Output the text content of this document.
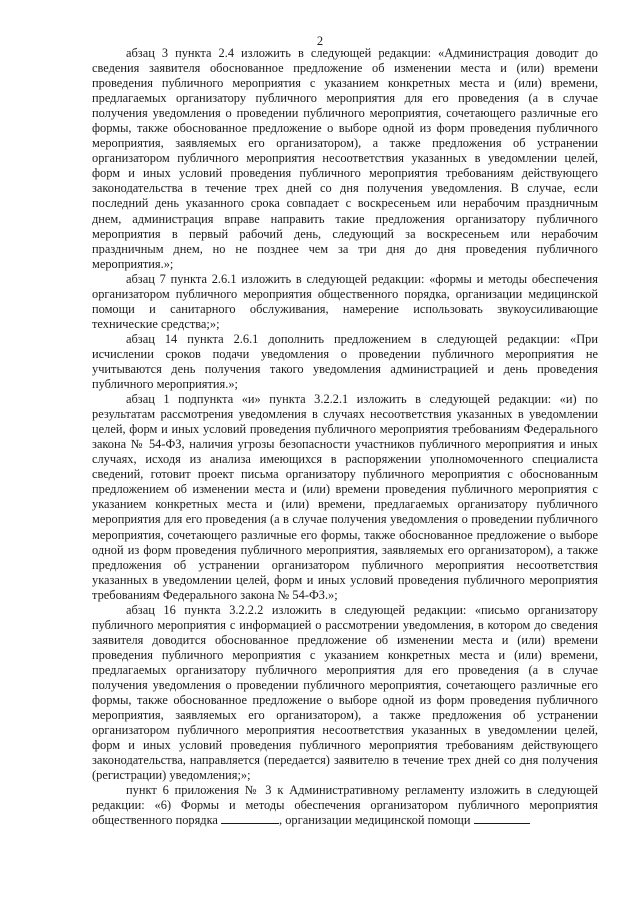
2

абзац 3 пункта 2.4 изложить в следующей редакции: «Администрация доводит до сведения заявителя обоснованное предложение об изменении места и (или) времени проведения публичного мероприятия с указанием конкретных места и (или) времени, предлагаемых организатору публичного мероприятия для его проведения (а в случае получения уведомления о проведении публичного мероприятия, сочетающего различные его формы, также обоснованное предложение о выборе одной из форм проведения публичного мероприятия, заявляемых его организатором), а также предложения об устранении организатором публичного мероприятия несоответствия указанных в уведомлении целей, форм и иных условий проведения публичного мероприятия требованиям действующего законодательства в течение трех дней со дня получения уведомления. В случае, если последний день указанного срока совпадает с воскресеньем или нерабочим праздничным днем, администрация вправе направить такие предложения организатору публичного мероприятия в первый рабочий день, следующий за воскресеньем или нерабочим праздничным днем, но не позднее чем за три дня до дня проведения публичного мероприятия.»;

абзац 7 пункта 2.6.1 изложить в следующей редакции: «формы и методы обеспечения организатором публичного мероприятия общественного порядка, организации медицинской помощи и санитарного обслуживания, намерение использовать звукоусиливающие технические средства;»;

абзац 14 пункта 2.6.1 дополнить предложением в следующей редакции: «При исчислении сроков подачи уведомления о проведении публичного мероприятия не учитываются день получения такого уведомления администрацией и день проведения публичного мероприятия.»;

абзац 1 подпункта «и» пункта 3.2.2.1 изложить в следующей редакции: «и) по результатам рассмотрения уведомления в случаях несоответствия указанных в уведомлении целей, форм и иных условий проведения публичного мероприятия требованиям Федерального закона № 54-ФЗ, наличия угрозы безопасности участников публичного мероприятия и иных случаях, исходя из анализа имеющихся в распоряжении уполномоченного специалиста сведений, готовит проект письма организатору публичного мероприятия с обоснованным предложением об изменении места и (или) времени проведения публичного мероприятия с указанием конкретных места и (или) времени, предлагаемых организатору публичного мероприятия для его проведения (а в случае получения уведомления о проведении публичного мероприятия, сочетающего различные его формы, также обоснованное предложение о выборе одной из форм проведения публичного мероприятия, заявляемых его организатором), а также предложения об устранении организатором публичного мероприятия несоответствия указанных в уведомлении целей, форм и иных условий проведения публичного мероприятия требованиям Федерального закона № 54-ФЗ.»;

абзац 16 пункта 3.2.2.2 изложить в следующей редакции: «письмо организатору публичного мероприятия с информацией о рассмотрении уведомления, в котором до сведения заявителя доводится обоснованное предложение об изменении места и (или) времени проведения публичного мероприятия с указанием конкретных места и (или) времени, предлагаемых организатору публичного мероприятия для его проведения (а в случае получения уведомления о проведении публичного мероприятия, сочетающего различные его формы, также обоснованное предложение о выборе одной из форм проведения публичного мероприятия, заявляемых его организатором), а также предложения об устранении организатором публичного мероприятия несоответствия указанных в уведомлении целей, форм и иных условий проведения публичного мероприятия требованиям действующего законодательства, направляется (передается) заявителю в течение трех дней со дня получения (регистрации) уведомления;»;

пункт 6 приложения № 3 к Административному регламенту изложить в следующей редакции: «6) Формы и методы обеспечения организатором публичного мероприятия общественного порядка	, организации медицинской помощи
